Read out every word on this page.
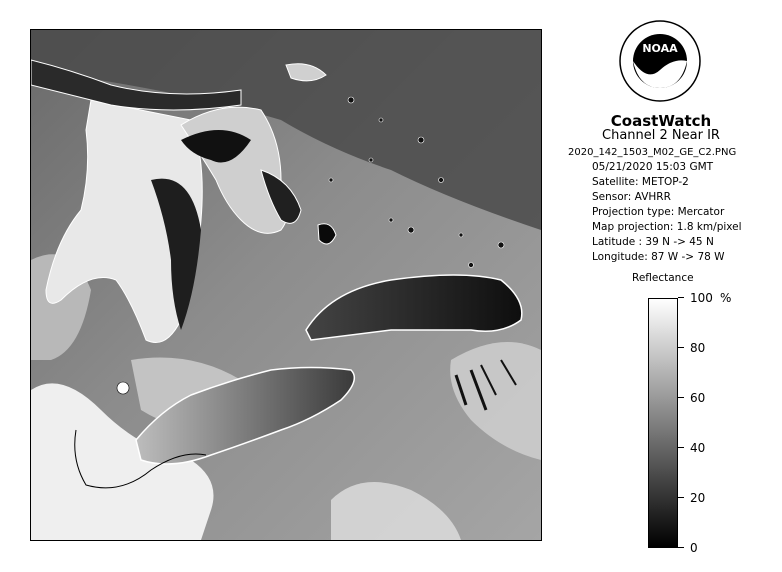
NOAA
CoastWatch
Channel 2 Near IR
2020_142_1503_M02_GE_C2.PNG
05/21/2020 15:03 GMT
Satellite: METOP-2
Sensor: AVHRR
Projection type: Mercator
Map projection: 1.8 km/pixel
Latitude : 39 N -> 45 N
Longitude: 87 W -> 78 W
Reflectance
%
0
20
40
60
80
100
